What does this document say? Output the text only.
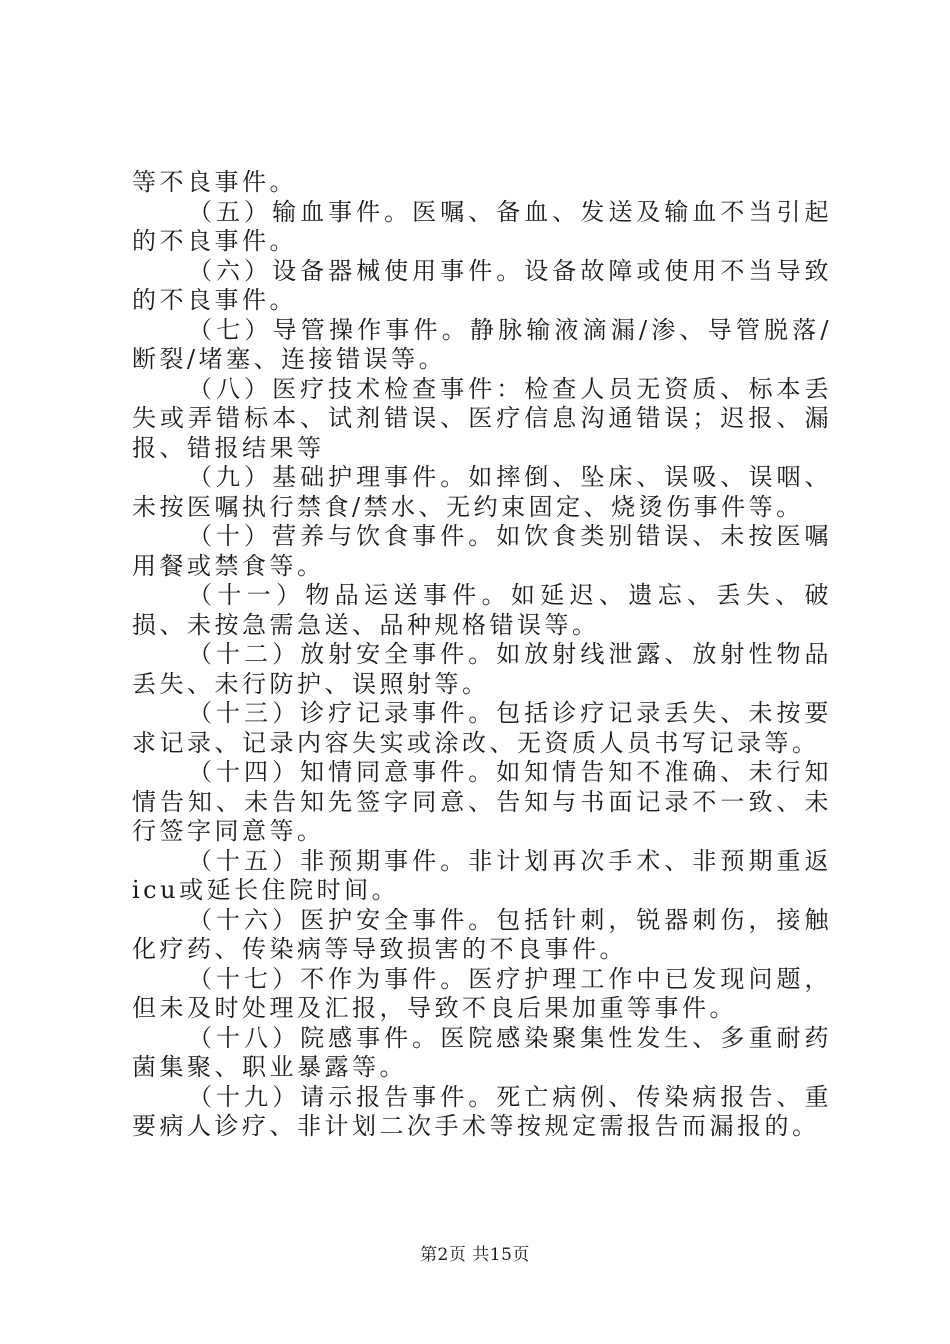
等不良事件。

（五）输血事件。医嘱、备血、发送及输血不当引起的不良事件。

（六）设备器械使用事件。设备故障或使用不当导致的不良事件。

（七）导管操作事件。静脉输液滴漏/渗、导管脱落/断裂/堵塞、连接错误等。

（八）医疗技术检查事件：检查人员无资质、标本丢失或弄错标本、试剂错误、医疗信息沟通错误；迟报、漏报、错报结果等

（九）基础护理事件。如摔倒、坠床、误吸、误咽、未按医嘱执行禁食/禁水、无约束固定、烧烫伤事件等。

（十）营养与饮食事件。如饮食类别错误、未按医嘱用餐或禁食等。

（十一）物品运送事件。如延迟、遗忘、丢失、破损、未按急需急送、品种规格错误等。

（十二）放射安全事件。如放射线泄露、放射性物品丢失、未行防护、误照射等。

（十三）诊疗记录事件。包括诊疗记录丢失、未按要求记录、记录内容失实或涂改、无资质人员书写记录等。

（十四）知情同意事件。如知情告知不准确、未行知情告知、未告知先签字同意、告知与书面记录不一致、未行签字同意等。

（十五）非预期事件。非计划再次手术、非预期重返icu或延长住院时间。

（十六）医护安全事件。包括针刺，锐器刺伤，接触化疗药、传染病等导致损害的不良事件。

（十七）不作为事件。医疗护理工作中已发现问题，但未及时处理及汇报，导致不良后果加重等事件。

（十八）院感事件。医院感染聚集性发生、多重耐药菌集聚、职业暴露等。

（十九）请示报告事件。死亡病例、传染病报告、重要病人诊疗、非计划二次手术等按规定需报告而漏报的。

第2页 共15页
